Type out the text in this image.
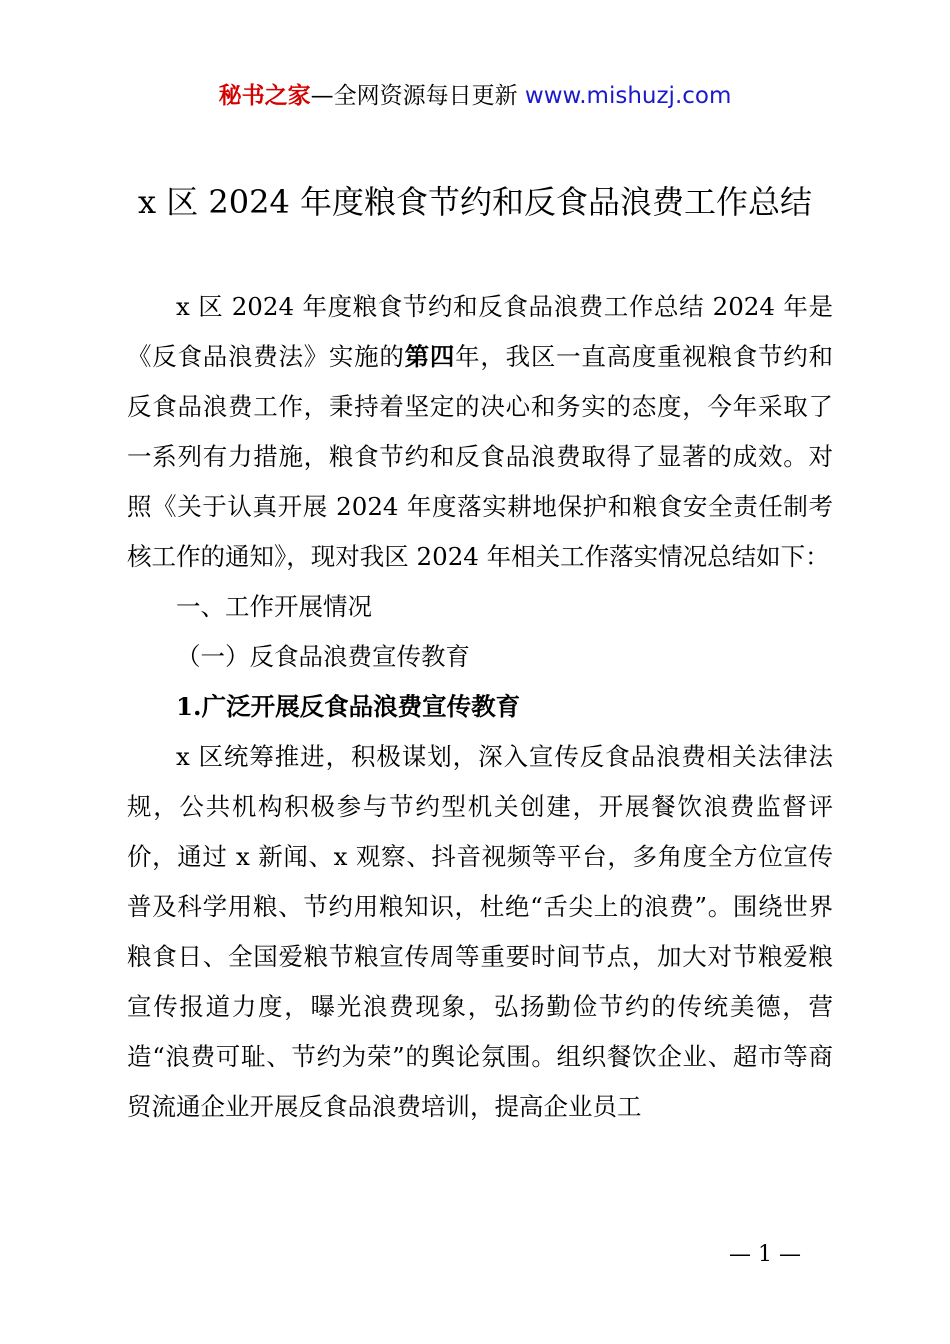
秘书之家—全网资源每日更新 www.mishuzj.com
x 区 2024 年度粮食节约和反食品浪费工作总结

x 区 2024 年度粮食节约和反食品浪费工作总结 2024 年是《反食品浪费法》实施的第四年，我区一直高度重视粮食节约和反食品浪费工作，秉持着坚定的决心和务实的态度，今年采取了一系列有力措施，粮食节约和反食品浪费取得了显著的成效。对照《关于认真开展 2024 年度落实耕地保护和粮食安全责任制考核工作的通知》，现对我区 2024 年相关工作落实情况总结如下：

一、工作开展情况

（一）反食品浪费宣传教育

1.广泛开展反食品浪费宣传教育

x 区统筹推进，积极谋划，深入宣传反食品浪费相关法律法规，公共机构积极参与节约型机关创建，开展餐饮浪费监督评价，通过 x 新闻、x 观察、抖音视频等平台，多角度全方位宣传普及科学用粮、节约用粮知识，杜绝“舌尖上的浪费”。围绕世界粮食日、全国爱粮节粮宣传周等重要时间节点，加大对节粮爱粮宣传报道力度，曝光浪费现象，弘扬勤俭节约的传统美德，营造“浪费可耻、节约为荣”的舆论氛围。组织餐饮企业、超市等商贸流通企业开展反食品浪费培训，提高企业员工

— 1 —
